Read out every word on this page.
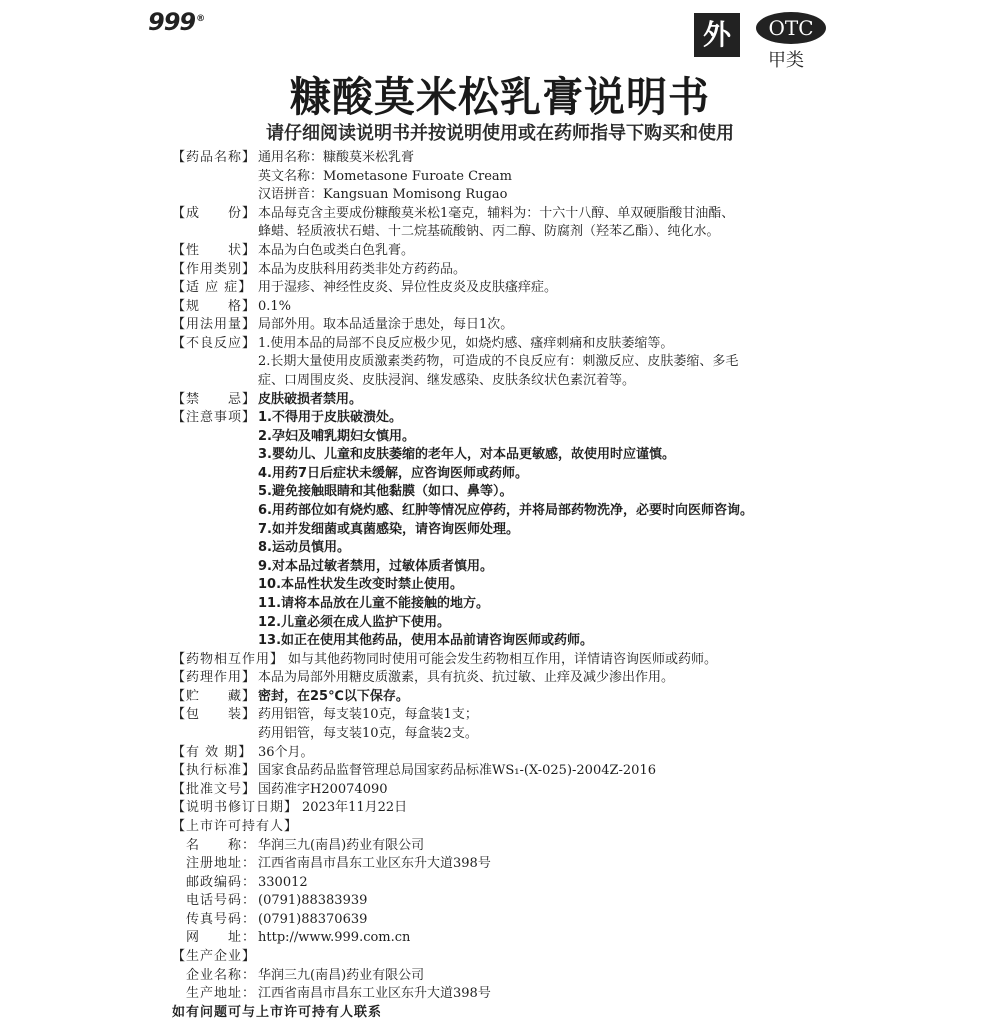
999®	外	OTC
甲类
糠酸莫米松乳膏说明书
请仔细阅读说明书并按说明使用或在药师指导下购买和使用
【药品名称】 通用名称：糠酸莫米松乳膏
英文名称：Mometasone Furoate Cream
汉语拼音：Kangsuan Momisong Rugao
【成　　份】 本品每克含主要成份糠酸莫米松1毫克，辅料为：十六十八醇、单双硬脂酸甘油酯、
蜂蜡、轻质液状石蜡、十二烷基硫酸钠、丙二醇、防腐剂（羟苯乙酯）、纯化水。
【性　　状】 本品为白色或类白色乳膏。
【作用类别】 本品为皮肤科用药类非处方药药品。
【适 应 症】 用于湿疹、神经性皮炎、异位性皮炎及皮肤瘙痒症。
【规　　格】 0.1%
【用法用量】 局部外用。取本品适量涂于患处，每日1次。
【不良反应】 1.使用本品的局部不良反应极少见，如烧灼感、瘙痒刺痛和皮肤萎缩等。
2.长期大量使用皮质激素类药物，可造成的不良反应有：刺激反应、皮肤萎缩、多毛
症、口周围皮炎、皮肤浸润、继发感染、皮肤条纹状色素沉着等。
【禁　　忌】 皮肤破损者禁用。
【注意事项】 1.不得用于皮肤破溃处。
2.孕妇及哺乳期妇女慎用。
3.婴幼儿、儿童和皮肤萎缩的老年人，对本品更敏感，故使用时应谨慎。
4.用药7日后症状未缓解，应咨询医师或药师。
5.避免接触眼睛和其他黏膜（如口、鼻等）。
6.用药部位如有烧灼感、红肿等情况应停药，并将局部药物洗净，必要时向医师咨询。
7.如并发细菌或真菌感染，请咨询医师处理。
8.运动员慎用。
9.对本品过敏者禁用，过敏体质者慎用。
10.本品性状发生改变时禁止使用。
11.请将本品放在儿童不能接触的地方。
12.儿童必须在成人监护下使用。
13.如正在使用其他药品，使用本品前请咨询医师或药师。
【药物相互作用】 如与其他药物同时使用可能会发生药物相互作用，详情请咨询医师或药师。
【药理作用】 本品为局部外用糖皮质激素，具有抗炎、抗过敏、止痒及减少渗出作用。
【贮　　藏】 密封，在25℃以下保存。
【包　　装】 药用铝管，每支装10克，每盒装1支；
药用铝管，每支装10克，每盒装2支。
【有 效 期】 36个月。
【执行标准】 国家食品药品监督管理总局国家药品标准WS₁-(X-025)-2004Z-2016
【批准文号】 国药准字H20074090
【说明书修订日期】 2023年11月22日
【上市许可持有人】
名　　称： 华润三九(南昌)药业有限公司
注册地址： 江西省南昌市昌东工业区东升大道398号
邮政编码： 330012
电话号码： (0791)88383939
传真号码： (0791)88370639
网　　址： http://www.999.com.cn
【生产企业】
企业名称： 华润三九(南昌)药业有限公司
生产地址： 江西省南昌市昌东工业区东升大道398号
如有问题可与上市许可持有人联系
